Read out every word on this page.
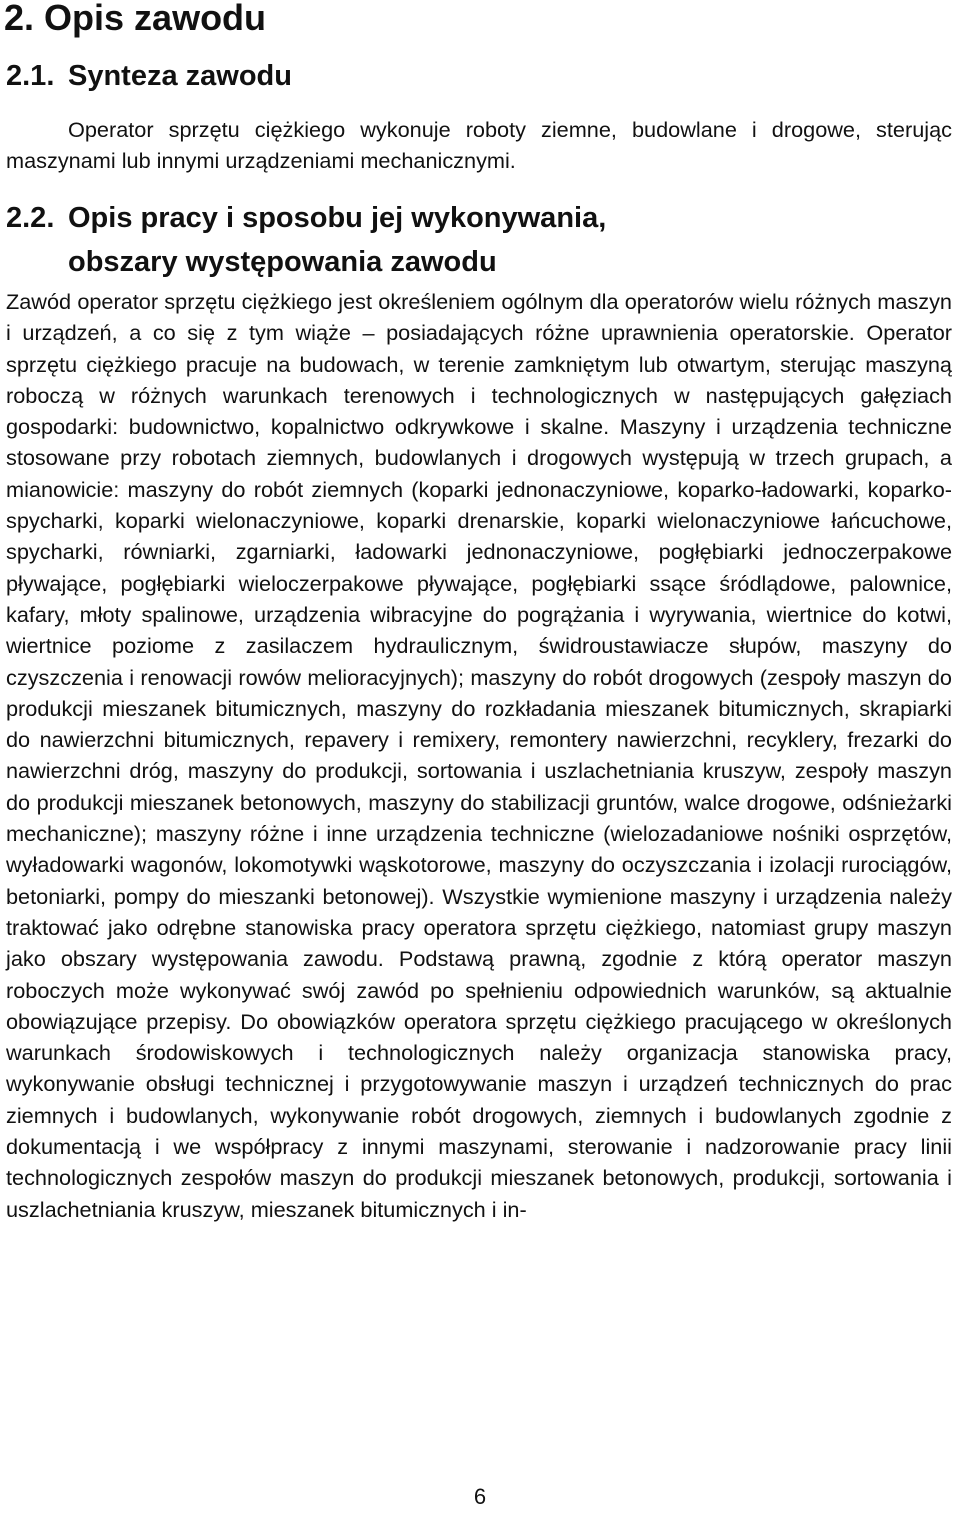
2. Opis zawodu
2.1. Synteza zawodu

Operator sprzętu ciężkiego wykonuje roboty ziemne, budowlane i drogowe, sterując maszynami lub innymi urządzeniami mechanicznymi.

2.2. Opis pracy i sposobu jej wykonywania,
obszary występowania zawodu

Zawód operator sprzętu ciężkiego jest określeniem ogólnym dla operatorów wielu różnych maszyn i urządzeń, a co się z tym wiąże – posiadających różne uprawnienia operatorskie. Operator sprzętu ciężkiego pracuje na budowach, w terenie zamkniętym lub otwartym, sterując maszyną roboczą w różnych warunkach terenowych i technologicznych w następujących gałęziach gospodarki: budownictwo, kopalnictwo odkrywkowe i skalne. Maszyny i urządzenia techniczne stosowane przy robotach ziemnych, budowlanych i drogowych występują w trzech grupach, a mianowicie: maszyny do robót ziemnych (koparki jednonaczyniowe, koparko-ładowarki, koparko-spycharki, koparki wielonaczyniowe, koparki drenarskie, koparki wielonaczyniowe łańcuchowe, spycharki, równiarki, zgarniarki, ładowarki jednonaczyniowe, pogłębiarki jednoczerpakowe pływające, pogłębiarki wieloczerpakowe pływające, pogłębiarki ssące śródlądowe, palownice, kafary, młoty spalinowe, urządzenia wibracyjne do pogrążania i wyrywania, wiertnice do kotwi, wiertnice poziome z zasilaczem hydraulicznym, świdroustawiacze słupów, maszyny do czyszczenia i renowacji rowów melioracyjnych); maszyny do robót drogowych (zespoły maszyn do produkcji mieszanek bitumicznych, maszyny do rozkładania mieszanek bitumicznych, skrapiarki do nawierzchni bitumicznych, repavery i remixery, remontery nawierzchni, recyklery, frezarki do nawierzchni dróg, maszyny do produkcji, sortowania i uszlachetniania kruszyw, zespoły maszyn do produkcji mieszanek betonowych, maszyny do stabilizacji gruntów, walce drogowe, odśnieżarki mechaniczne); maszyny różne i inne urządzenia techniczne (wielozadaniowe nośniki osprzętów, wyładowarki wagonów, lokomotywki wąskotorowe, maszyny do oczyszczania i izolacji rurociągów, betoniarki, pompy do mieszanki betonowej). Wszystkie wymienione maszyny i urządzenia należy traktować jako odrębne stanowiska pracy operatora sprzętu ciężkiego, natomiast grupy maszyn jako obszary występowania zawodu. Podstawą prawną, zgodnie z którą operator maszyn roboczych może wykonywać swój zawód po spełnieniu odpowiednich warunków, są aktualnie obowiązujące przepisy. Do obowiązków operatora sprzętu ciężkiego pracującego w określonych warunkach środowiskowych i technologicznych należy organizacja stanowiska pracy, wykonywanie obsługi technicznej i przygotowywanie maszyn i urządzeń technicznych do prac ziemnych i budowlanych, wykonywanie robót drogowych, ziemnych i budowlanych zgodnie z dokumentacją i we współpracy z innymi maszynami, sterowanie i nadzorowanie pracy linii technologicznych zespołów maszyn do produkcji mieszanek betonowych, produkcji, sortowania i uszlachetniania kruszyw, mieszanek bitumicznych i in-

6
